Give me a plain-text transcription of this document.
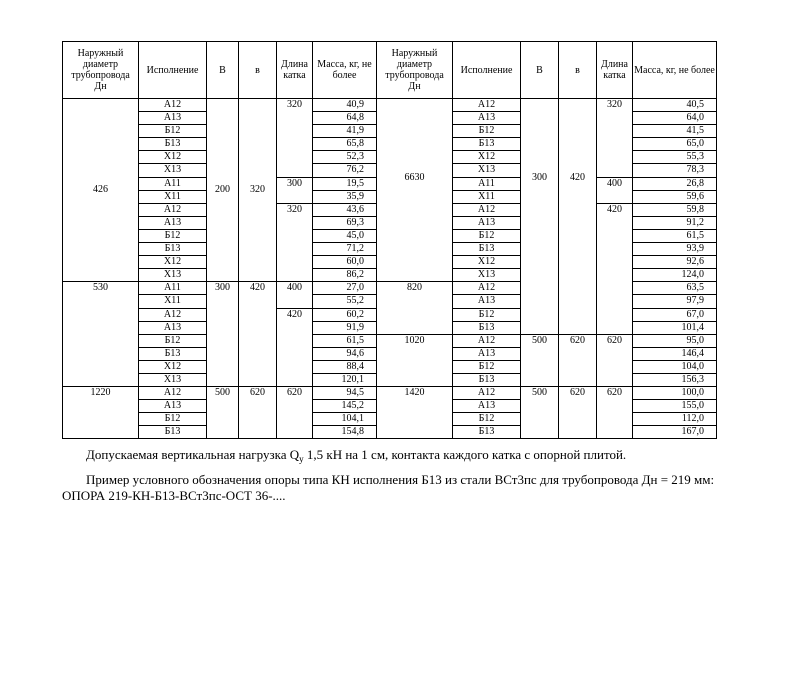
Наружный диаметр трубопровода Дн	Исполнение	В	в	Длина катка	Масса, кг, не более	Наружный диаметр трубопровода Дн	Исполнение	В	в	Длина катка	Масса, кг, не более

426	А12	200	320	320	40,9	6630	А12	300	420	320	40,5
	А13				64,8		А13				64,0
	Б12				41,9		Б12				41,5
	Б13				65,8		Б13				65,0
	Х12				52,3		Х12				55,3
	Х13				76,2		Х13				78,3
	А11			300	19,5		А11			400	26,8
	Х11				35,9		Х11				59,6
	А12			320	43,6		А12			420	59,8
	А13				69,3		А13				91,2
	Б12				45,0		Б12				61,5
	Б13				71,2		Б13				93,9
	Х12				60,0		Х12				92,6
	Х13				86,2		Х13				124,0

530	А11	300	420	400	27,0	820	А12				63,5
	Х11				55,2		А13				97,9
	А12			420	60,2		Б12				67,0
	А13				91,9		Б13				101,4
	Б12				61,5	1020	А12	500	620	620	95,0
	Б13				94,6		А13				146,4
	Х12				88,4		Б12				104,0
	Х13				120,1		Б13				156,3

1220	А12	500	620	620	94,5	1420	А12	500	620	620	100,0
	А13				145,2		А13				155,0
	Б12				104,1		Б12				112,0
	Б13				154,8		Б13				167,0

Допускаемая вертикальная нагрузка $Q_у$ 1,5 кН на 1 см, контакта каждого катка с опорной плитой.

Пример условного обозначения опоры типа КН исполнения Б13 из стали ВСт3пс для трубопровода Дн = 219 мм:

ОПОРА 219-КН-Б13-ВСт3пс-ОСТ 36-....
